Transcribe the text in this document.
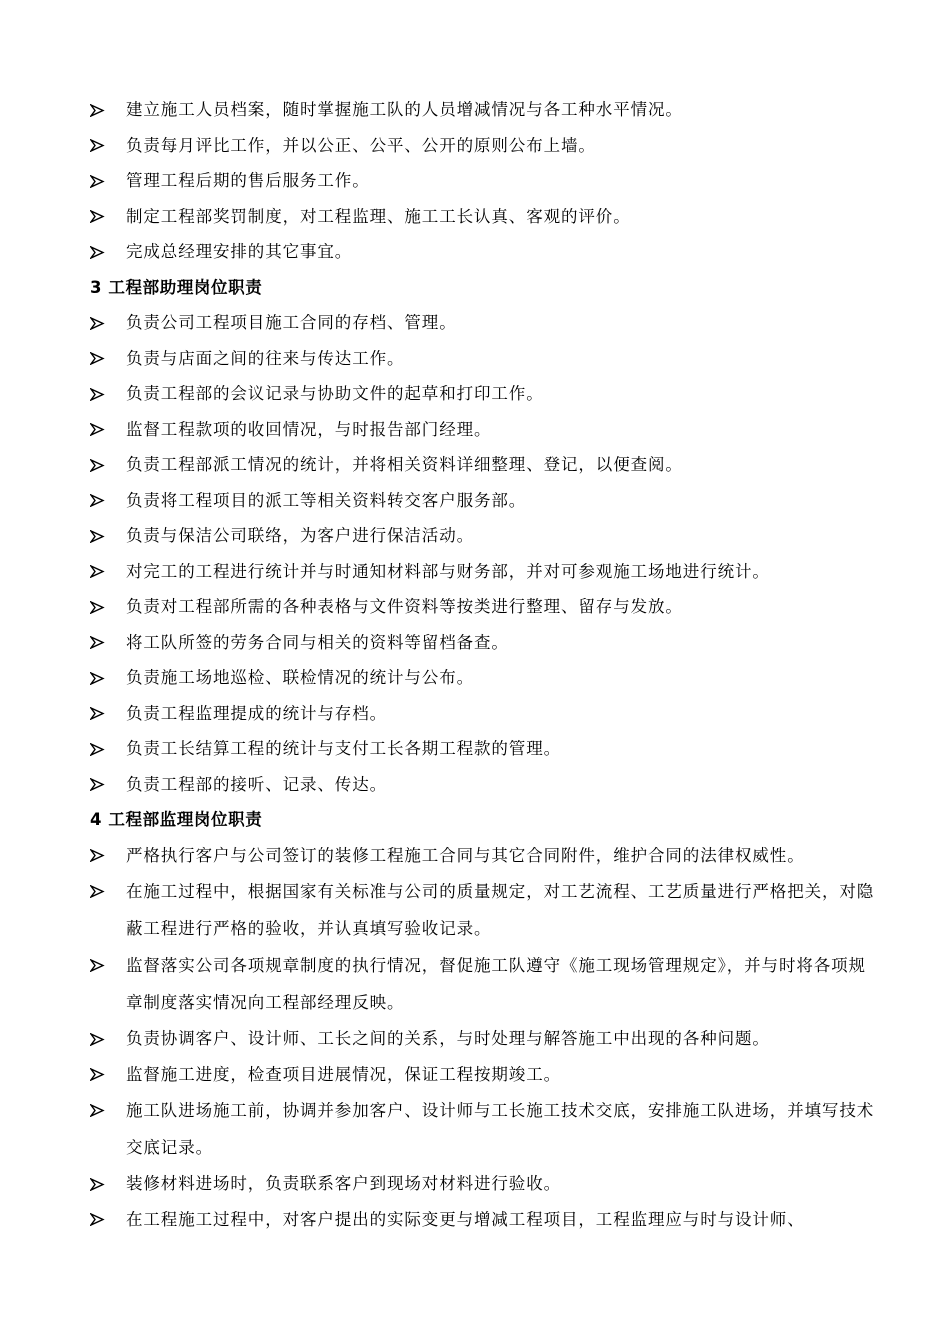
建立施工人员档案，随时掌握施工队的人员增减情况与各工种水平情况。
负责每月评比工作，并以公正、公平、公开的原则公布上墙。
管理工程后期的售后服务工作。
制定工程部奖罚制度，对工程监理、施工工长认真、客观的评价。
完成总经理安排的其它事宜。
3 工程部助理岗位职责
负责公司工程项目施工合同的存档、管理。
负责与店面之间的往来与传达工作。
负责工程部的会议记录与协助文件的起草和打印工作。
监督工程款项的收回情况，与时报告部门经理。
负责工程部派工情况的统计，并将相关资料详细整理、登记，以便查阅。
负责将工程项目的派工等相关资料转交客户服务部。
负责与保洁公司联络，为客户进行保洁活动。
对完工的工程进行统计并与时通知材料部与财务部，并对可参观施工场地进行统计。
负责对工程部所需的各种表格与文件资料等按类进行整理、留存与发放。
将工队所签的劳务合同与相关的资料等留档备查。
负责施工场地巡检、联检情况的统计与公布。
负责工程监理提成的统计与存档。
负责工长结算工程的统计与支付工长各期工程款的管理。
负责工程部的接听、记录、传达。
4 工程部监理岗位职责
严格执行客户与公司签订的装修工程施工合同与其它合同附件，维护合同的法律权威性。
在施工过程中，根据国家有关标准与公司的质量规定，对工艺流程、工艺质量进行严格把关，对隐蔽工程进行严格的验收，并认真填写验收记录。
监督落实公司各项规章制度的执行情况，督促施工队遵守《施工现场管理规定》，并与时将各项规章制度落实情况向工程部经理反映。
负责协调客户、设计师、工长之间的关系，与时处理与解答施工中出现的各种问题。
监督施工进度，检查项目进展情况，保证工程按期竣工。
施工队进场施工前，协调并参加客户、设计师与工长施工技术交底，安排施工队进场，并填写技术交底记录。
装修材料进场时，负责联系客户到现场对材料进行验收。
在工程施工过程中，对客户提出的实际变更与增减工程项目，工程监理应与时与设计师、
